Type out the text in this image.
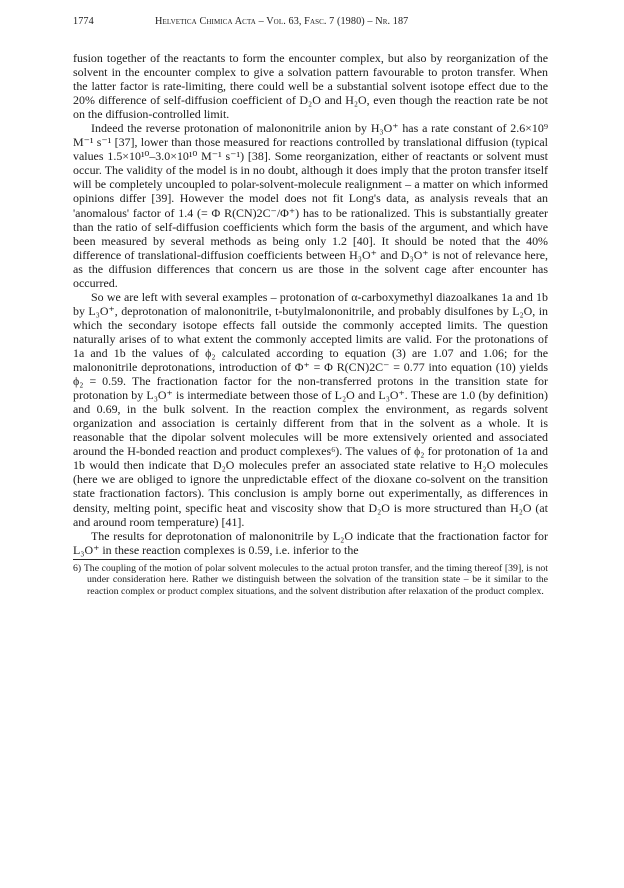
1774	Helvetica Chimica Acta – Vol. 63, Fasc. 7 (1980) – Nr. 187

fusion together of the reactants to form the encounter complex, but also by reorganization of the solvent in the encounter complex to give a solvation pattern favourable to proton transfer. When the latter factor is rate-limiting, there could well be a substantial solvent isotope effect due to the 20% difference of self-diffusion coefficient of D₂O and H₂O, even though the reaction rate be not on the diffusion-controlled limit.

Indeed the reverse protonation of malononitrile anion by H₃O⁺ has a rate constant of 2.6×10⁹ M⁻¹ s⁻¹ [37], lower than those measured for reactions controlled by translational diffusion (typical values 1.5×10¹⁰–3.0×10¹⁰ M⁻¹ s⁻¹) [38]. Some reorganization, either of reactants or solvent must occur. The validity of the model is in no doubt, although it does imply that the proton transfer itself will be completely uncoupled to polar-solvent-molecule realignment – a matter on which informed opinions differ [39]. However the model does not fit Long's data, as analysis reveals that an 'anomalous' factor of 1.4 (= Φ R(CN)2C⁻/Φ⁺) has to be rationalized. This is substantially greater than the ratio of self-diffusion coefficients which form the basis of the argument, and which have been measured by several methods as being only 1.2 [40]. It should be noted that the 40% difference of translational-diffusion coefficients between H₃O⁺ and D₃O⁺ is not of relevance here, as the diffusion differences that concern us are those in the solvent cage after encounter has occurred.

So we are left with several examples – protonation of α-carboxymethyl diazoalkanes 1a and 1b by L₃O⁺, deprotonation of malononitrile, t-butylmalononitrile, and probably disulfones by L₂O, in which the secondary isotope effects fall outside the commonly accepted limits. The question naturally arises of to what extent the commonly accepted limits are valid. For the protonations of 1a and 1b the values of ϕ₂ calculated according to equation (3) are 1.07 and 1.06; for the malononitrile deprotonations, introduction of Φ⁺ = Φ R(CN)2C⁻ = 0.77 into equation (10) yields ϕ₂ = 0.59. The fractionation factor for the non-transferred protons in the transition state for protonation by L₃O⁺ is intermediate between those of L₂O and L₃O⁺. These are 1.0 (by definition) and 0.69, in the bulk solvent. In the reaction complex the environment, as regards solvent organization and association is certainly different from that in the solvent as a whole. It is reasonable that the dipolar solvent molecules will be more extensively oriented and associated around the H-bonded reaction and product complexes⁶). The values of ϕ₂ for protonation of 1a and 1b would then indicate that D₂O molecules prefer an associated state relative to H₂O molecules (here we are obliged to ignore the unpredictable effect of the dioxane co-solvent on the transition state fractionation factors). This conclusion is amply borne out experimentally, as differences in density, melting point, specific heat and viscosity show that D₂O is more structured than H₂O (at and around room temperature) [41].

The results for deprotonation of malononitrile by L₂O indicate that the fractionation factor for L₃O⁺ in these reaction complexes is 0.59, i.e. inferior to the

6) The coupling of the motion of polar solvent molecules to the actual proton transfer, and the timing thereof [39], is not under consideration here. Rather we distinguish between the solvation of the transition state – be it similar to the reaction complex or product complex situations, and the solvent distribution after relaxation of the product complex.
